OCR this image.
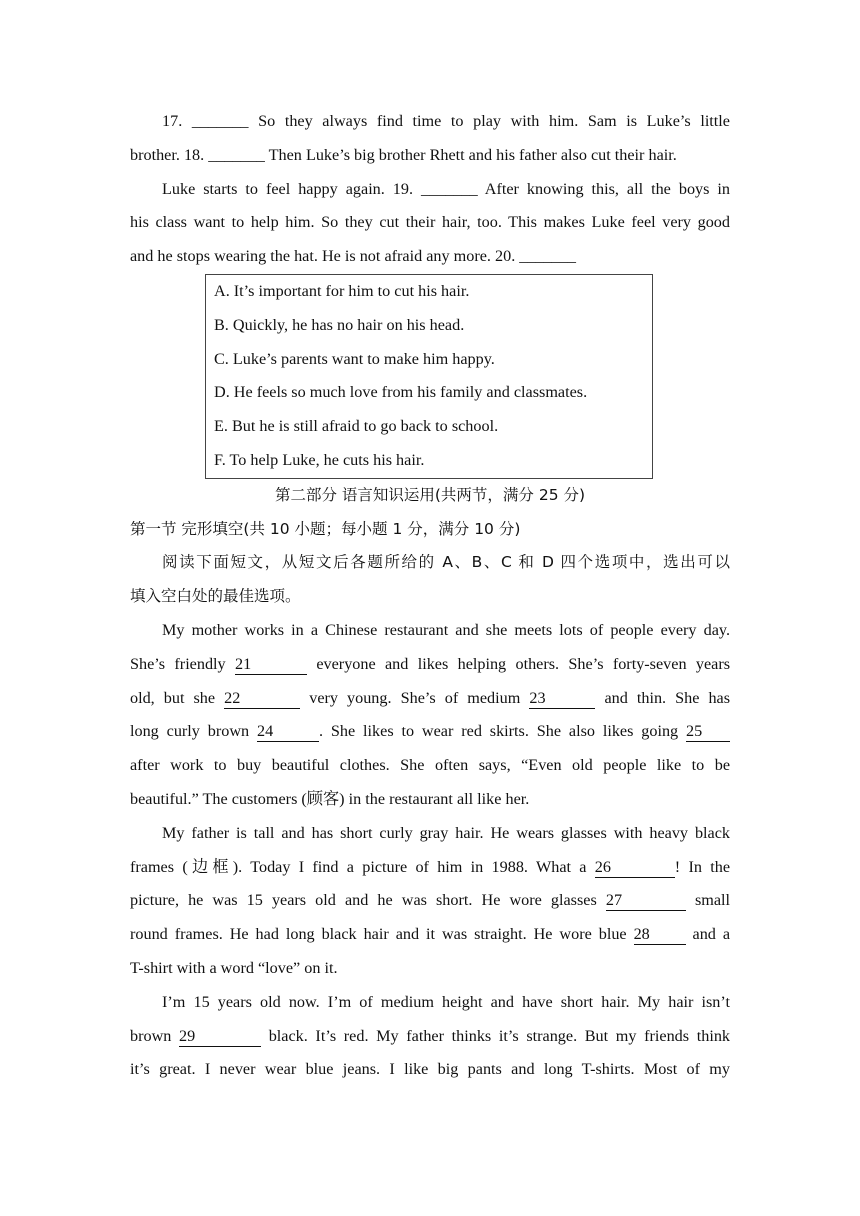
17. _______ So they always find time to play with him. Sam is Luke’s little

brother. 18. _______ Then Luke’s big brother Rhett and his father also cut their hair.

Luke starts to feel happy again. 19. _______ After knowing this, all the boys in

his class want to help him. So they cut their hair, too. This makes Luke feel very good

and he stops wearing the hat. He is not afraid any more. 20. _______

A. It’s important for him to cut his hair.

B. Quickly, he has no hair on his head.

C. Luke’s parents want to make him happy.

D. He feels so much love from his family and classmates.

E. But he is still afraid to go back to school.

F. To help Luke, he cuts his hair.

第二部分 语言知识运用(共两节，满分 25 分)

第一节 完形填空(共 10 小题；每小题 1 分，满分 10 分)

阅读下面短文，从短文后各题所给的 A、B、C 和 D 四个选项中，选出可以

填入空白处的最佳选项。

My mother works in a Chinese restaurant and she meets lots of people every day.

She’s friendly 21	everyone and likes helping others. She’s forty-seven years

old, but she 22	very young. She’s of medium 23	and thin. She has

long curly brown 24	. She likes to wear red skirts. She also likes going 25

after work to buy beautiful clothes. She often says, “Even old people like to be

beautiful.” The customers (顾客) in the restaurant all like her.

My father is tall and has short curly gray hair. He wears glasses with heavy black

frames (边框). Today I find a picture of him in 1988. What a 26	! In the

picture, he was 15 years old and he was short. He wore glasses 27	small

round frames. He had long black hair and it was straight. He wore blue 28	and a

T-shirt with a word “love” on it.

I’m 15 years old now. I’m of medium height and have short hair. My hair isn’t

brown 29	black. It’s red. My father thinks it’s strange. But my friends think

it’s great. I never wear blue jeans. I like big pants and long T-shirts. Most of my
